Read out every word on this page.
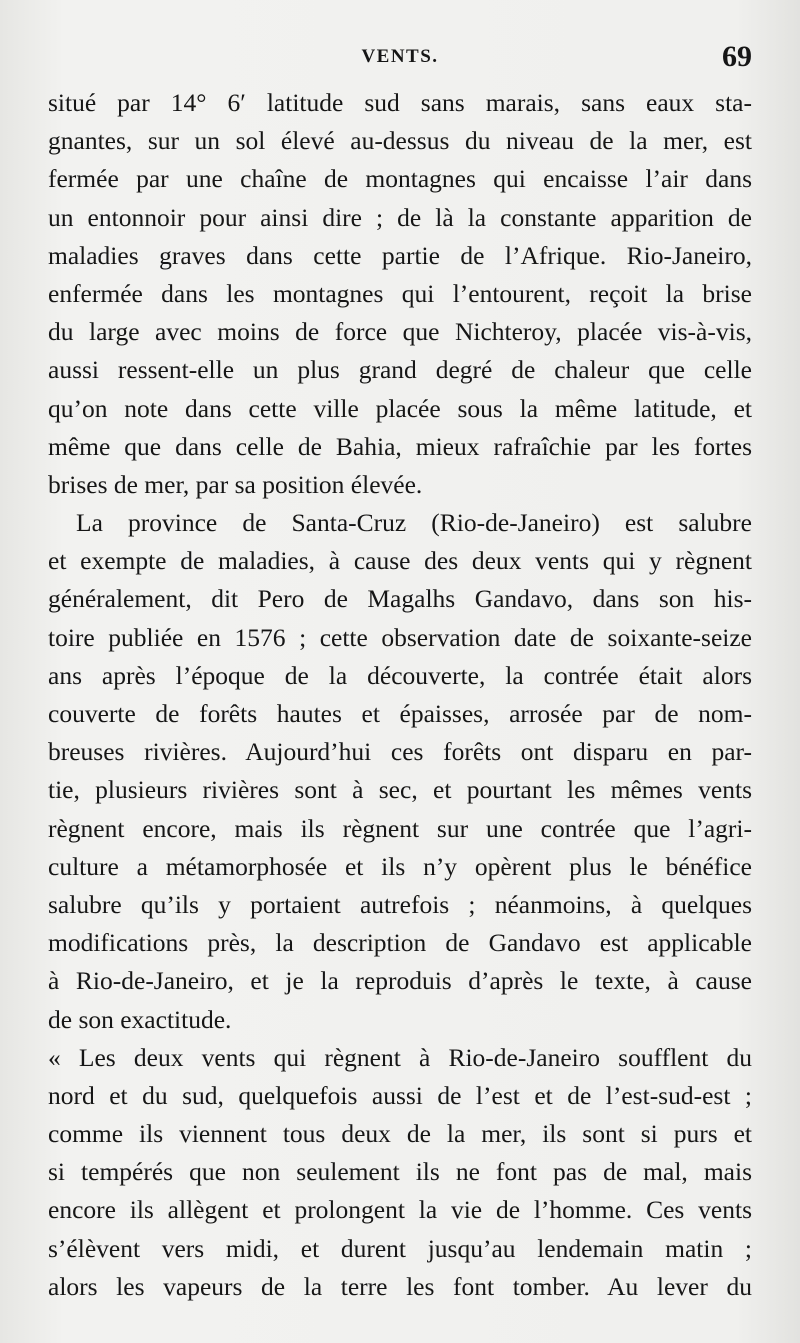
VENTS.	69
situé par 14° 6′ latitude sud sans marais, sans eaux sta-
gnantes, sur un sol élevé au-dessus du niveau de la mer, est
fermée par une chaîne de montagnes qui encaisse l’air dans
un entonnoir pour ainsi dire ; de là la constante apparition de
maladies graves dans cette partie de l’Afrique. Rio-Janeiro,
enfermée dans les montagnes qui l’entourent, reçoit la brise
du large avec moins de force que Nichteroy, placée vis-à-vis,
aussi ressent-elle un plus grand degré de chaleur que celle
qu’on note dans cette ville placée sous la même latitude, et
même que dans celle de Bahia, mieux rafraîchie par les fortes
brises de mer, par sa position élevée.
La province de Santa-Cruz (Rio-de-Janeiro) est salubre
et exempte de maladies, à cause des deux vents qui y règnent
généralement, dit Pero de Magalhs Gandavo, dans son his-
toire publiée en 1576 ; cette observation date de soixante-seize
ans après l’époque de la découverte, la contrée était alors
couverte de forêts hautes et épaisses, arrosée par de nom-
breuses rivières. Aujourd’hui ces forêts ont disparu en par-
tie, plusieurs rivières sont à sec, et pourtant les mêmes vents
règnent encore, mais ils règnent sur une contrée que l’agri-
culture a métamorphosée et ils n’y opèrent plus le bénéfice
salubre qu’ils y portaient autrefois ; néanmoins, à quelques
modifications près, la description de Gandavo est applicable
à Rio-de-Janeiro, et je la reproduis d’après le texte, à cause
de son exactitude.
« Les deux vents qui règnent à Rio-de-Janeiro soufflent du
nord et du sud, quelquefois aussi de l’est et de l’est-sud-est ;
comme ils viennent tous deux de la mer, ils sont si purs et
si tempérés que non seulement ils ne font pas de mal, mais
encore ils allègent et prolongent la vie de l’homme. Ces vents
s’élèvent vers midi, et durent jusqu’au lendemain matin ;
alors les vapeurs de la terre les font tomber. Au lever du
